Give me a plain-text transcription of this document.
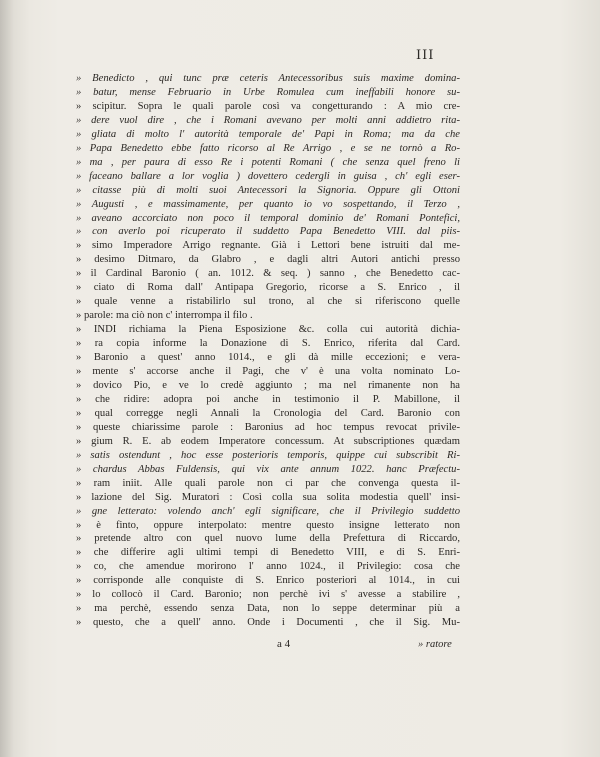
III
» Benedicto , qui tunc præ ceteris Antecessoribus suis maxime domina-
» batur, mense Februario in Urbe Romulea cum ineffabili honore su-
» scipitur. Sopra le quali parole così va congetturando : A mio cre-
» dere vuol dire , che i Romani avevano per molti anni addietro rita-
» gliata di molto l' autorità temporale de' Papi in Roma; ma da che
» Papa Benedetto ebbe fatto ricorso al Re Arrigo , e se ne tornò a Ro-
» ma , per paura di esso Re i potenti Romani ( che senza quel freno li
» faceano ballare a lor voglia ) dovettero cedergli in guisa , ch' egli eser-
» citasse più di molti suoi Antecessori la Signoria. Oppure gli Ottoni
» Augusti , e massimamente, per quanto io vo sospettando, il Terzo ,
» aveano accorciato non poco il temporal dominio de' Romani Pontefici,
» con averlo poi ricuperato il suddetto Papa Benedetto VIII. dal piis-
» simo Imperadore Arrigo regnante. Già i Lettori bene istruiti dal me-
» desimo Ditmaro, da Glabro , e dagli altri Autori antichi presso
» il Cardinal Baronio ( an. 1012. & seq. ) sanno , che Benedetto cac-
» ciato di Roma dall' Antipapa Gregorio, ricorse a S. Enrico , il
» quale venne a ristabilirlo sul trono, al che si riferiscono quelle
» parole: ma ciò non c' interrompa il filo .
» INDI richiama la Piena Esposizione &c. colla cui autorità dichia-
» ra copia informe la Donazione di S. Enrico, riferita dal Card.
» Baronio a quest' anno 1014., e gli dà mille eccezioni; e vera-
» mente s' accorse anche il Pagi, che v' è una volta nominato Lo-
» dovico Pio, e ve lo credè aggiunto ; ma nel rimanente non ha
» che ridire: adopra poi anche in testimonio il P. Mabillone, il
» qual corregge negli Annali la Cronologia del Card. Baronio con
» queste chiarissime parole : Baronius ad hoc tempus revocat privile-
» gium R. E. ab eodem Imperatore concessum. At subscriptiones quædam
» satis ostendunt , hoc esse posterioris temporis, quippe cui subscribit Ri-
» chardus Abbas Fuldensis, qui vix ante annum 1022. hanc Præfectu-
» ram iniit. Alle quali parole non ci par che convenga questa il-
» lazione del Sig. Muratori : Così colla sua solita modestia quell' insi-
» gne letterato: volendo anch' egli significare, che il Privilegio suddetto
» è finto, oppure interpolato: mentre questo insigne letterato non
» pretende altro con quel nuovo lume della Prefettura di Riccardo,
» che differire agli ultimi tempi di Benedetto VIII, e di S. Enri-
» co, che amendue morirono l' anno 1024., il Privilegio: cosa che
» corrisponde alle conquiste di S. Enrico posteriori al 1014., in cui
» lo collocò il Card. Baronio; non perchè ivi s' avesse a stabilire ,
» ma perchè, essendo senza Data, non lo seppe determinar più a
» questo, che a quell' anno. Onde i Documenti , che il Sig. Mu-
a 4	» ratore
